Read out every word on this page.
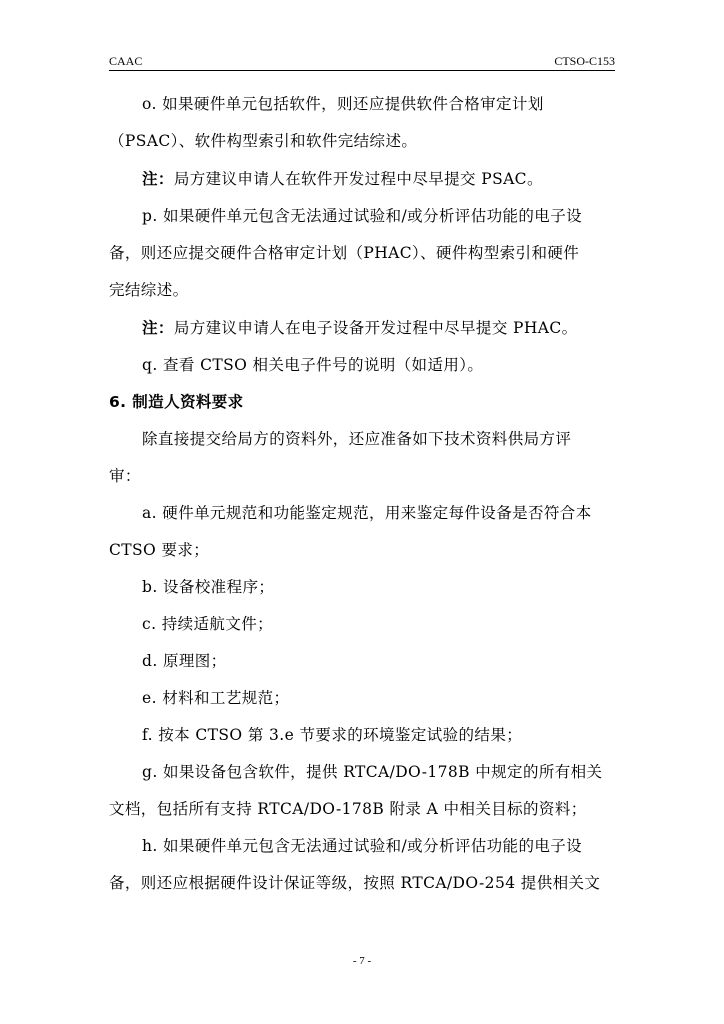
CAAC	CTSO-C153
o. 如果硬件单元包括软件，则还应提供软件合格审定计划
（PSAC）、软件构型索引和软件完结综述。
注：局方建议申请人在软件开发过程中尽早提交 PSAC。
p. 如果硬件单元包含无法通过试验和/或分析评估功能的电子设
备，则还应提交硬件合格审定计划（PHAC）、硬件构型索引和硬件
完结综述。
注：局方建议申请人在电子设备开发过程中尽早提交 PHAC。
q. 查看 CTSO 相关电子件号的说明（如适用）。
6. 制造人资料要求
除直接提交给局方的资料外，还应准备如下技术资料供局方评
审：
a. 硬件单元规范和功能鉴定规范，用来鉴定每件设备是否符合本
CTSO 要求；
b. 设备校准程序；
c. 持续适航文件；
d. 原理图；
e. 材料和工艺规范；
f. 按本 CTSO 第 3.e 节要求的环境鉴定试验的结果；
g. 如果设备包含软件，提供 RTCA/DO-178B 中规定的所有相关
文档，包括所有支持 RTCA/DO-178B 附录 A 中相关目标的资料；
h. 如果硬件单元包含无法通过试验和/或分析评估功能的电子设
备，则还应根据硬件设计保证等级，按照 RTCA/DO-254 提供相关文
- 7 -
